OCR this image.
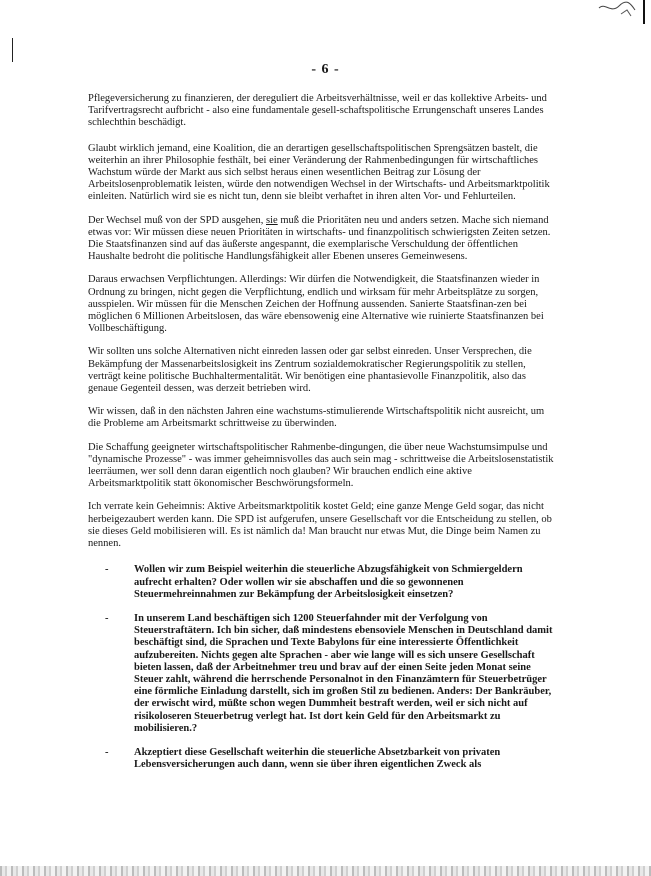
- 6 -

Pflegeversicherung zu finanzieren, der dereguliert die Arbeitsverhältnisse, weil er das kollektive Arbeits- und Tarifvertragsrecht aufbricht - also eine fundamentale gesell-schaftspolitische Errungenschaft unseres Landes schlechthin beschädigt.

Glaubt wirklich jemand, eine Koalition, die an derartigen gesellschaftspolitischen Sprengsätzen bastelt, die weiterhin an ihrer Philosophie festhält, bei einer Veränderung der Rahmenbedingungen für wirtschaftliches Wachstum würde der Markt aus sich selbst heraus einen wesentlichen Beitrag zur Lösung der Arbeitslosenproblematik leisten, würde den notwendigen Wechsel in der Wirtschafts- und Arbeitsmarktpolitik einleiten. Natürlich wird sie es nicht tun, denn sie bleibt verhaftet in ihren alten Vor- und Fehlurteilen.

Der Wechsel muß von der SPD ausgehen, sie muß die Prioritäten neu und anders setzen. Mache sich niemand etwas vor: Wir müssen diese neuen Prioritäten in wirtschafts- und finanzpolitisch schwierigsten Zeiten setzen. Die Staatsfinanzen sind auf das äußerste angespannt, die exemplarische Verschuldung der öffentlichen Haushalte bedroht die politische Handlungsfähigkeit aller Ebenen unseres Gemeinwesens.

Daraus erwachsen Verpflichtungen. Allerdings: Wir dürfen die Notwendigkeit, die Staatsfinanzen wieder in Ordnung zu bringen, nicht gegen die Verpflichtung, endlich und wirksam für mehr Arbeitsplätze zu sorgen, ausspielen. Wir müssen für die Menschen Zeichen der Hoffnung aussenden. Sanierte Staatsfinan-zen bei möglichen 6 Millionen Arbeitslosen, das wäre ebensowenig eine Alternative wie ruinierte Staatsfinanzen bei Vollbeschäftigung.

Wir sollten uns solche Alternativen nicht einreden lassen oder gar selbst einreden. Unser Versprechen, die Bekämpfung der Massenarbeitslosigkeit ins Zentrum sozialdemokratischer Regierungspolitik zu stellen, verträgt keine politische Buchhaltermentalität. Wir benötigen eine phantasievolle Finanzpolitik, also das genaue Gegenteil dessen, was derzeit betrieben wird.

Wir wissen, daß in den nächsten Jahren eine wachstums-stimulierende Wirtschaftspolitik nicht ausreicht, um die Probleme am Arbeitsmarkt schrittweise zu überwinden.

Die Schaffung geeigneter wirtschaftspolitischer Rahmenbe-dingungen, die über neue Wachstumsimpulse und "dynamische Prozesse" - was immer geheimnisvolles das auch sein mag - schrittweise die Arbeitslosenstatistik leerräumen, wer soll denn daran eigentlich noch glauben? Wir brauchen endlich eine aktive Arbeitsmarktpolitik statt ökonomischer Beschwörungsformeln.

Ich verrate kein Geheimnis: Aktive Arbeitsmarktpolitik kostet Geld; eine ganze Menge Geld sogar, das nicht herbeigezaubert werden kann. Die SPD ist aufgerufen, unsere Gesellschaft vor die Entscheidung zu stellen, ob sie dieses Geld mobilisieren will. Es ist nämlich da! Man braucht nur etwas Mut, die Dinge beim Namen zu nennen.

- Wollen wir zum Beispiel weiterhin die steuerliche Abzugsfähigkeit von Schmiergeldern aufrecht erhalten? Oder wollen wir sie abschaffen und die so gewonnenen Steuermehreinnahmen zur Bekämpfung der Arbeitslosigkeit einsetzen?
- In unserem Land beschäftigen sich 1200 Steuerfahnder mit der Verfolgung von Steuerstraftätern. Ich bin sicher, daß mindestens ebensoviele Menschen in Deutschland damit beschäftigt sind, die Sprachen und Texte Babylons für eine interessierte Öffentlichkeit aufzubereiten. Nichts gegen alte Sprachen - aber wie lange will es sich unsere Gesellschaft bieten lassen, daß der Arbeitnehmer treu und brav auf der einen Seite jeden Monat seine Steuer zahlt, während die herrschende Personalnot in den Finanzämtern für Steuerbetrüger eine förmliche Einladung darstellt, sich im großen Stil zu bedienen. Anders: Der Bankräuber, der erwischt wird, müßte schon wegen Dummheit bestraft werden, weil er sich nicht auf risikoloseren Steuerbetrug verlegt hat. Ist dort kein Geld für den Arbeitsmarkt zu mobilisieren.?
- Akzeptiert diese Gesellschaft weiterhin die steuerliche Absetzbarkeit von privaten Lebensversicherungen auch dann, wenn sie über ihren eigentlichen Zweck als
